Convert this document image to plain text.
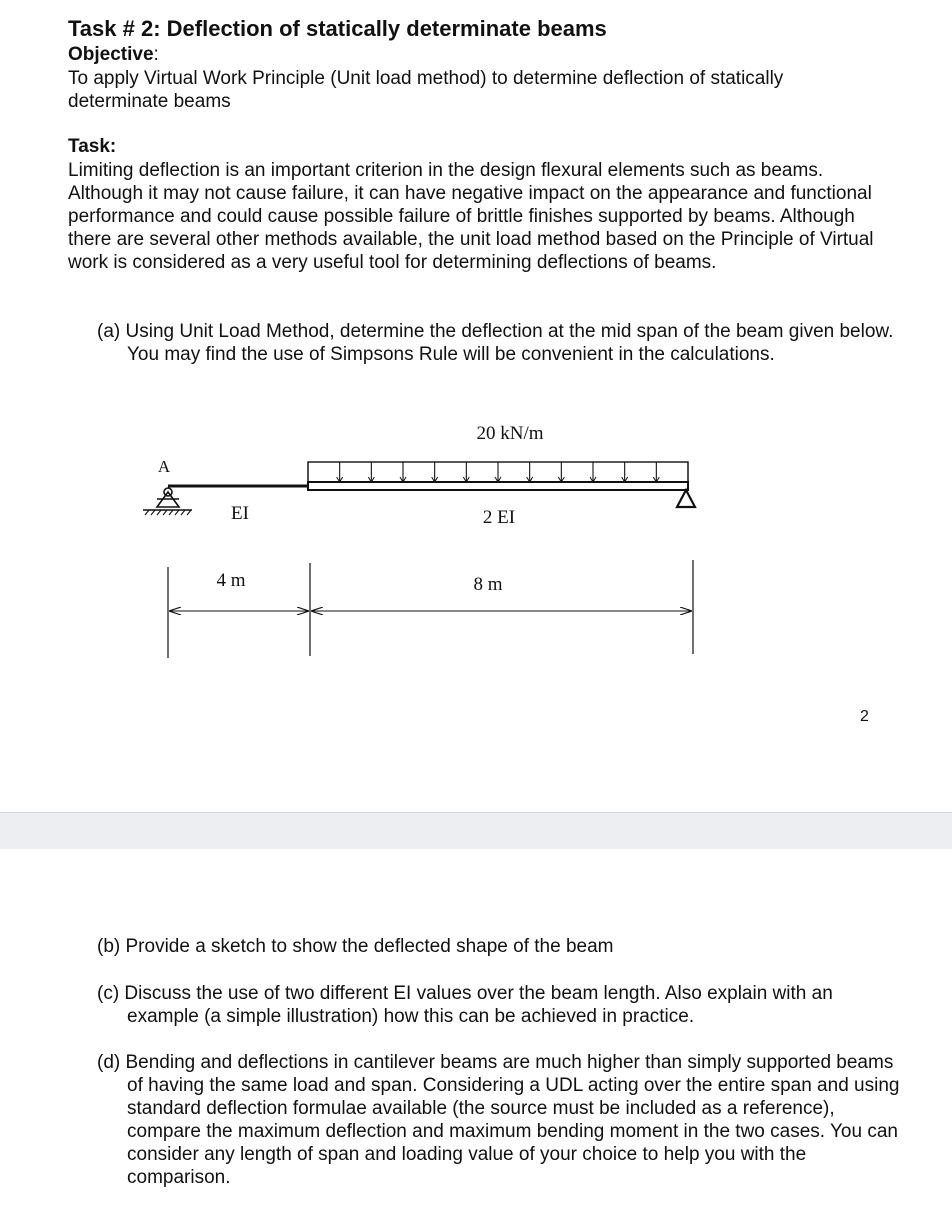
Task # 2: Deflection of statically determinate beams

Objective:

To apply Virtual Work Principle (Unit load method) to determine deflection of statically determinate beams

Task:

Limiting deflection is an important criterion in the design flexural elements such as beams. Although it may not cause failure, it can have negative impact on the appearance and functional performance and could cause possible failure of brittle finishes supported by beams. Although there are several other methods available, the unit load method based on the Principle of Virtual work is considered as a very useful tool for determining deflections of beams.

(a) Using Unit Load Method, determine the deflection at the mid span of the beam given below. You may find the use of Simpsons Rule will be convenient in the calculations.

20 kN/m
A
EI	2 EI
4 m	8 m
2

(b) Provide a sketch to show the deflected shape of the beam

(c) Discuss the use of two different EI values over the beam length. Also explain with an example (a simple illustration) how this can be achieved in practice.

(d) Bending and deflections in cantilever beams are much higher than simply supported beams of having the same load and span. Considering a UDL acting over the entire span and using standard deflection formulae available (the source must be included as a reference), compare the maximum deflection and maximum bending moment in the two cases. You can consider any length of span and loading value of your choice to help you with the comparison.
